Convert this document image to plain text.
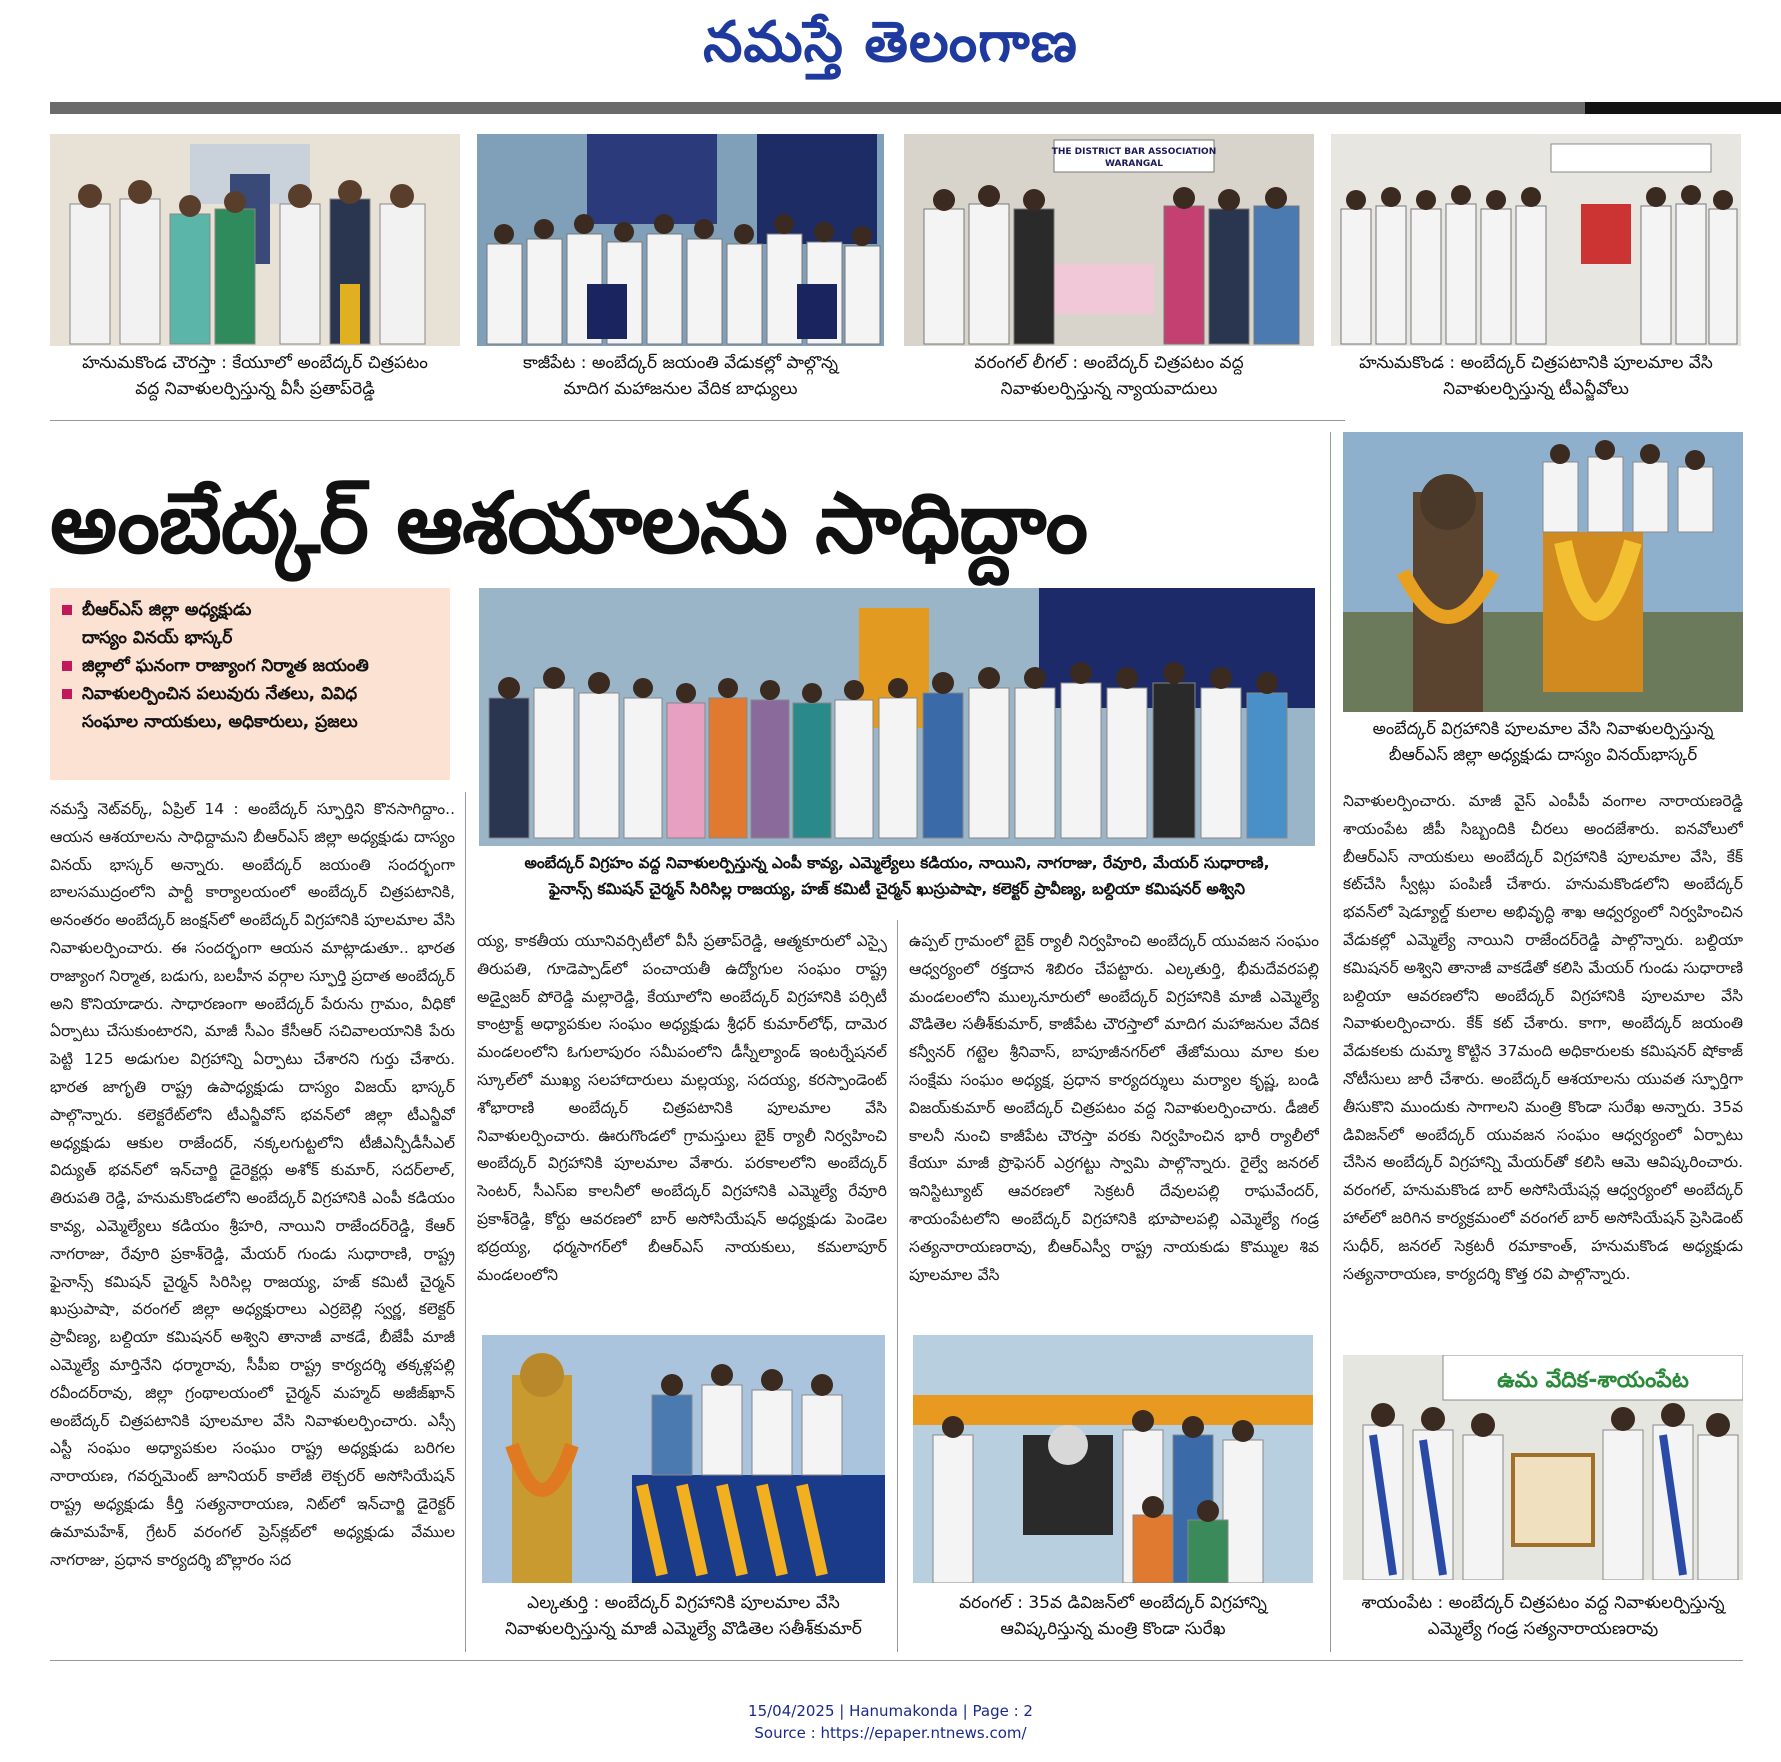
నమస్తే తెలంగాణ
THE DISTRICT BAR ASSOCIATION
WARANGAL
హనుమకొండ చౌరస్తా : కేయూలో అంబేద్కర్ చిత్రపటం
వద్ద నివాళులర్పిస్తున్న వీసీ ప్రతాప్‌రెడ్డి
కాజీపేట : అంబేద్కర్ జయంతి వేడుకల్లో పాల్గొన్న
మాదిగ మహాజనుల వేదిక బాధ్యులు
వరంగల్ లీగల్ : అంబేద్కర్ చిత్రపటం వద్ద
నివాళులర్పిస్తున్న న్యాయవాదులు
హనుమకొండ : అంబేద్కర్ చిత్రపటానికి పూలమాల వేసి
నివాళులర్పిస్తున్న టీఎన్జీవోలు
అంబేద్కర్ ఆశయాలను సాధిద్దాం
అంబేద్కర్ విగ్రహానికి పూలమాల వేసి నివాళులర్పిస్తున్న
బీఆర్ఎస్ జిల్లా అధ్యక్షుడు దాస్యం వినయ్‌భాస్కర్
బీఆర్ఎస్ జిల్లా అధ్యక్షుడు
దాస్యం వినయ్ భాస్కర్
జిల్లాలో ఘనంగా రాజ్యాంగ నిర్మాత జయంతి
నివాళులర్పించిన పలువురు నేతలు, వివిధ
సంఘాల నాయకులు, అధికారులు, ప్రజలు
అంబేద్కర్ విగ్రహం వద్ద నివాళులర్పిస్తున్న ఎంపీ కావ్య, ఎమ్మెల్యేలు కడియం, నాయిని, నాగరాజు, రేవూరి, మేయర్ సుధారాణి,
ఫైనాన్స్ కమిషన్ చైర్మన్ సిరిసిల్ల రాజయ్య, హజ్ కమిటీ చైర్మన్ ఖుస్రుపాషా, కలెక్టర్ ప్రావీణ్య, బల్దియా కమిషనర్ అశ్విని
నమస్తే నెట్‌వర్క్, ఏప్రిల్ 14 : అంబేద్కర్ స్ఫూర్తిని కొనసాగిద్దాం.. ఆయన ఆశయాలను సాధిద్దామని బీఆర్ఎస్ జిల్లా అధ్యక్షుడు దాస్యం వినయ్ భాస్కర్ అన్నారు. అంబేద్కర్ జయంతి సందర్భంగా బాలసముద్రంలోని పార్టీ కార్యాలయంలో అంబేద్కర్ చిత్రపటానికి, అనంతరం అంబేద్కర్ జంక్షన్‌లో అంబేద్కర్ విగ్రహానికి పూలమాల వేసి నివాళులర్పించారు. ఈ సందర్భంగా ఆయన మాట్లాడుతూ.. భారత రాజ్యాంగ నిర్మాత, బడుగు, బలహీన వర్గాల స్ఫూర్తి ప్రదాత అంబేద్కర్ అని కొనియాడారు. సాధారణంగా అంబేద్కర్ పేరును గ్రామం, వీధికో ఏర్పాటు చేసుకుంటారని, మాజీ సీఎం కేసీఆర్ సచివాలయానికి పేరు పెట్టి 125 అడుగుల విగ్రహాన్ని ఏర్పాటు చేశారని గుర్తు చేశారు. భారత జాగృతి రాష్ట్ర ఉపాధ్యక్షుడు దాస్యం విజయ్ భాస్కర్ పాల్గొన్నారు. కలెక్టరేట్‌లోని టీఎన్జీవోస్ భవన్‌లో జిల్లా టీఎన్జీవో అధ్యక్షుడు ఆకుల రాజేందర్, నక్కలగుట్టలోని టీజీఎన్పీడీసీఎల్ విద్యుత్ భవన్‌లో ఇన్‌చార్జి డైరెక్టర్లు అశోక్ కుమార్, సదర్‌లాల్, తిరుపతి రెడ్డి, హనుమకొండలోని అంబేద్కర్ విగ్రహానికి ఎంపీ కడియం కావ్య, ఎమ్మెల్యేలు కడియం శ్రీహరి, నాయిని రాజేందర్‌రెడ్డి, కేఆర్ నాగరాజు, రేవూరి ప్రకాశ్‌రెడ్డి, మేయర్ గుండు సుధారాణి, రాష్ట్ర ఫైనాన్స్ కమిషన్ చైర్మన్ సిరిసిల్ల రాజయ్య, హజ్ కమిటీ చైర్మన్ ఖుస్రుపాషా, వరంగల్ జిల్లా అధ్యక్షురాలు ఎర్రబెల్లి స్వర్ణ, కలెక్టర్ ప్రావీణ్య, బల్దియా కమిషనర్ అశ్విని తానాజీ వాకడే, బీజేపీ మాజీ ఎమ్మెల్యే మార్తినేని ధర్మారావు, సీపీఐ రాష్ట్ర కార్యదర్శి తక్కళ్లపల్లి రవీందర్‌రావు, జిల్లా గ్రంథాలయంలో చైర్మన్ మహ్మద్ అజీజ్‌ఖాన్ అంబేద్కర్ చిత్రపటానికి పూలమాల వేసి నివాళులర్పించారు. ఎస్సీ ఎస్టీ సంఘం అధ్యాపకుల సంఘం రాష్ట్ర అధ్యక్షుడు బరిగల నారాయణ, గవర్నమెంట్ జూనియర్ కాలేజీ లెక్చరర్ అసోసియేషన్ రాష్ట్ర అధ్యక్షుడు కీర్తి సత్యనారాయణ, నిట్‌లో ఇన్‌చార్జి డైరెక్టర్ ఉమామహేశ్, గ్రేటర్ వరంగల్ ప్రెస్‌క్లబ్‌లో అధ్యక్షుడు వేముల నాగరాజు, ప్రధాన కార్యదర్శి బొల్లారం సద
య్య, కాకతీయ యూనివర్సిటీలో వీసీ ప్రతాప్‌రెడ్డి, ఆత్మకూరులో ఎస్సై తిరుపతి, గూడెప్పాడ్‌లో పంచాయతీ ఉద్యోగుల సంఘం రాష్ట్ర అడ్వైజర్ పోరెడ్డి మల్లారెడ్డి, కేయూలోని అంబేద్కర్ విగ్రహానికి పర్సిటీ కాంట్రాక్ట్ అధ్యాపకుల సంఘం అధ్యక్షుడు శ్రీధర్ కుమార్‌లోధ్, దామెర మండలంలోని ఓగులాపురం సమీపంలోని డీస్నీల్యాండ్ ఇంటర్నేషనల్ స్కూల్‌లో ముఖ్య సలహాదారులు మల్లయ్య, సదయ్య, కరస్పాండెంట్ శోభారాణి అంబేద్కర్ చిత్రపటానికి పూలమాల వేసి నివాళులర్పించారు. ఊరుగొండలో గ్రామస్తులు బైక్ ర్యాలీ నిర్వహించి అంబేద్కర్ విగ్రహానికి పూలమాల వేశారు. పరకాలలోని అంబేద్కర్ సెంటర్, సీఎస్ఐ కాలనీలో అంబేద్కర్ విగ్రహానికి ఎమ్మెల్యే రేవూరి ప్రకాశ్‌రెడ్డి, కోర్టు ఆవరణలో బార్ అసోసియేషన్ అధ్యక్షుడు పెండెల భద్రయ్య, ధర్మసాగర్‌లో బీఆర్ఎస్ నాయకులు, కమలాపూర్ మండలంలోని
ఉప్పల్ గ్రామంలో బైక్ ర్యాలీ నిర్వహించి అంబేద్కర్ యువజన సంఘం ఆధ్వర్యంలో రక్తదాన శిబిరం చేపట్టారు. ఎల్కతుర్తి, భీమదేవరపల్లి మండలంలోని ముల్కనూరులో అంబేద్కర్ విగ్రహానికి మాజీ ఎమ్మెల్యే వొడితెల సతీశ్‌కుమార్, కాజీపేట చౌరస్తాలో మాదిగ మహాజనుల వేదిక కన్వీనర్ గట్టెల శ్రీనివాస్, బాపూజీనగర్‌లో తేజోమయి మాల కుల సంక్షేమ సంఘం అధ్యక్ష, ప్రధాన కార్యదర్శులు మర్యాల కృష్ణ, బండి విజయ్‌కుమార్ అంబేద్కర్ చిత్రపటం వద్ద నివాళులర్పించారు. డీజిల్ కాలనీ నుంచి కాజీపేట చౌరస్తా వరకు నిర్వహించిన భారీ ర్యాలీలో కేయూ మాజీ ప్రొఫెసర్ ఎర్రగట్టు స్వామి పాల్గొన్నారు. రైల్వే జనరల్ ఇనిస్టిట్యూట్ ఆవరణలో సెక్రటరీ దేవులపల్లి రాఘవేందర్, శాయంపేటలోని అంబేద్కర్ విగ్రహానికి భూపాలపల్లి ఎమ్మెల్యే గండ్ర సత్యనారాయణరావు, బీఆర్ఎస్వీ రాష్ట్ర నాయకుడు కొమ్ముల శివ పూలమాల వేసి
నివాళులర్పించారు. మాజీ వైస్ ఎంపీపీ వంగాల నారాయణరెడ్డి శాయంపేట జీపీ సిబ్బందికి చీరలు అందజేశారు. ఐనవోలులో బీఆర్ఎస్ నాయకులు అంబేద్కర్ విగ్రహానికి పూలమాల వేసి, కేక్ కట్‌చేసి స్వీట్లు పంపిణీ చేశారు. హనుమకొండలోని అంబేద్కర్ భవన్‌లో షెడ్యూల్డ్ కులాల అభివృద్ధి శాఖ ఆధ్వర్యంలో నిర్వహించిన వేడుకల్లో ఎమ్మెల్యే నాయిని రాజేందర్‌రెడ్డి పాల్గొన్నారు. బల్దియా కమిషనర్ అశ్విని తానాజీ వాకడేతో కలిసి మేయర్ గుండు సుధారాణి బల్దియా ఆవరణలోని అంబేద్కర్ విగ్రహానికి పూలమాల వేసి నివాళులర్పించారు. కేక్ కట్ చేశారు. కాగా, అంబేద్కర్ జయంతి వేడుకలకు దుమ్మా కొట్టిన 37మంది అధికారులకు కమిషనర్ షోకాజ్ నోటీసులు జారీ చేశారు. అంబేద్కర్ ఆశయాలను యువత స్ఫూర్తిగా తీసుకొని ముందుకు సాగాలని మంత్రి కొండా సురేఖ అన్నారు. 35వ డివిజన్‌లో అంబేద్కర్ యువజన సంఘం ఆధ్వర్యంలో ఏర్పాటు చేసిన అంబేద్కర్ విగ్రహాన్ని మేయర్‌తో కలిసి ఆమె ఆవిష్కరించారు. వరంగల్, హనుమకొండ బార్ అసోసియేషన్ల ఆధ్వర్యంలో అంబేద్కర్ హాల్‌లో జరిగిన కార్యక్రమంలో వరంగల్ బార్ అసోసియేషన్ ప్రెసిడెంట్ సుధీర్, జనరల్ సెక్రటరీ రమాకాంత్, హనుమకొండ అధ్యక్షుడు సత్యనారాయణ, కార్యదర్శి కొత్త రవి పాల్గొన్నారు.
ఉమ వేదిక-శాయంపేట
ఎల్కతుర్తి : అంబేద్కర్ విగ్రహానికి పూలమాల వేసి
నివాళులర్పిస్తున్న మాజీ ఎమ్మెల్యే వొడితెల సతీశ్‌కుమార్
వరంగల్ : 35వ డివిజన్‌లో అంబేద్కర్ విగ్రహాన్ని
ఆవిష్కరిస్తున్న మంత్రి కొండా సురేఖ
శాయంపేట : అంబేద్కర్ చిత్రపటం వద్ద నివాళులర్పిస్తున్న
ఎమ్మెల్యే గండ్ర సత్యనారాయణరావు
15/04/2025 | Hanumakonda | Page : 2
Source : https://epaper.ntnews.com/
